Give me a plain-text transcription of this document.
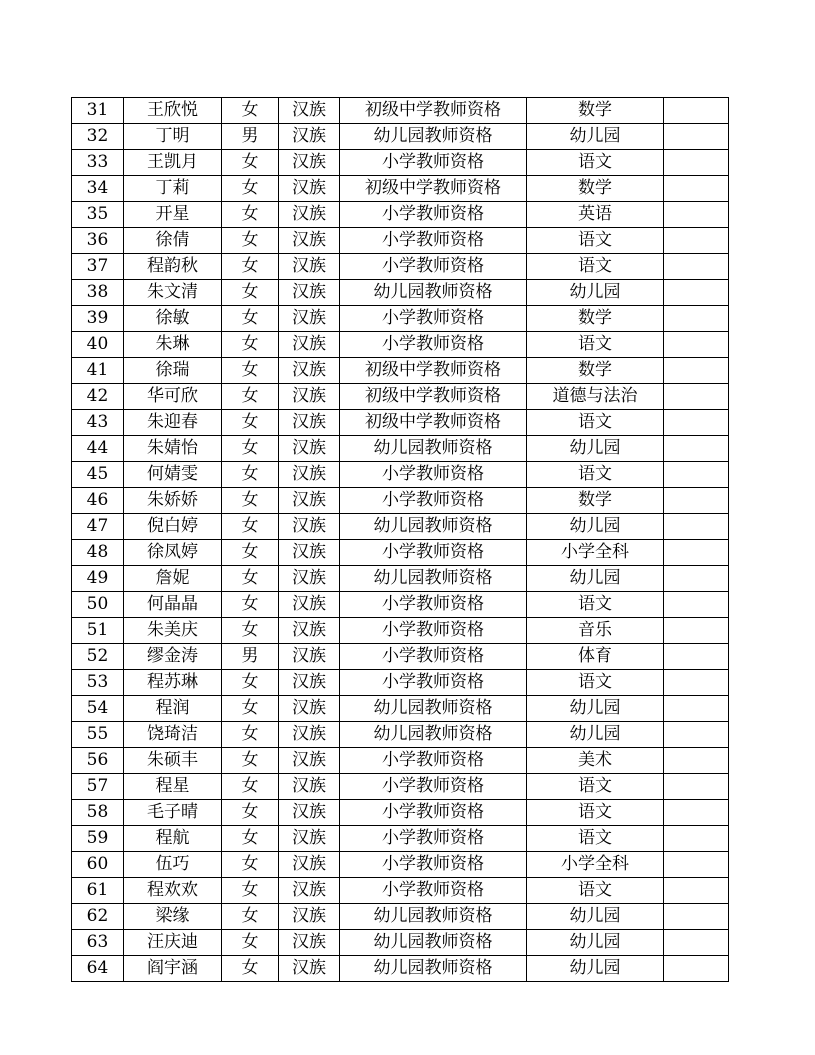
31	王欣悦	女	汉族	初级中学教师资格	数学	
32	丁明	男	汉族	幼儿园教师资格	幼儿园	
33	王凯月	女	汉族	小学教师资格	语文	
34	丁莉	女	汉族	初级中学教师资格	数学	
35	开星	女	汉族	小学教师资格	英语	
36	徐倩	女	汉族	小学教师资格	语文	
37	程韵秋	女	汉族	小学教师资格	语文	
38	朱文清	女	汉族	幼儿园教师资格	幼儿园	
39	徐敏	女	汉族	小学教师资格	数学	
40	朱琳	女	汉族	小学教师资格	语文	
41	徐瑞	女	汉族	初级中学教师资格	数学	
42	华可欣	女	汉族	初级中学教师资格	道德与法治	
43	朱迎春	女	汉族	初级中学教师资格	语文	
44	朱婧怡	女	汉族	幼儿园教师资格	幼儿园	
45	何婧雯	女	汉族	小学教师资格	语文	
46	朱娇娇	女	汉族	小学教师资格	数学	
47	倪白婷	女	汉族	幼儿园教师资格	幼儿园	
48	徐凤婷	女	汉族	小学教师资格	小学全科	
49	詹妮	女	汉族	幼儿园教师资格	幼儿园	
50	何晶晶	女	汉族	小学教师资格	语文	
51	朱美庆	女	汉族	小学教师资格	音乐	
52	缪金涛	男	汉族	小学教师资格	体育	
53	程苏琳	女	汉族	小学教师资格	语文	
54	程润	女	汉族	幼儿园教师资格	幼儿园	
55	饶琦洁	女	汉族	幼儿园教师资格	幼儿园	
56	朱硕丰	女	汉族	小学教师资格	美术	
57	程星	女	汉族	小学教师资格	语文	
58	毛子晴	女	汉族	小学教师资格	语文	
59	程航	女	汉族	小学教师资格	语文	
60	伍巧	女	汉族	小学教师资格	小学全科	
61	程欢欢	女	汉族	小学教师资格	语文	
62	梁缘	女	汉族	幼儿园教师资格	幼儿园	
63	汪庆迪	女	汉族	幼儿园教师资格	幼儿园	
64	阎宇涵	女	汉族	幼儿园教师资格	幼儿园	
